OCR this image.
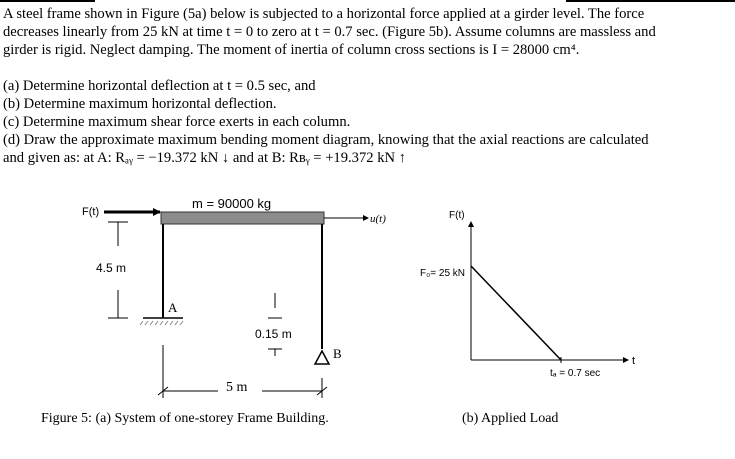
A steel frame shown in Figure (5a) below is subjected to a horizontal force applied at a girder level. The force
decreases linearly from 25 kN at time t = 0 to zero at t = 0.7 sec. (Figure 5b). Assume columns are massless and
girder is rigid. Neglect damping. The moment of inertia of column cross sections is I = 28000 cm⁴.
(a) Determine horizontal deflection at t = 0.5 sec, and
(b) Determine maximum horizontal deflection.
(c) Determine maximum shear force exerts in each column.
(d) Draw the approximate maximum bending moment diagram, knowing that the axial reactions are calculated
and given as: at A: Rₐᵧ = −19.372 kN ↓ and at B: Rʙᵧ = +19.372 kN ↑
F(t)
m = 90000 kg
u(t)
A
B
4.5 m
0.15 m
5 m
Figure 5: (a) System of one-storey Frame Building.
F(t)
t
F₀= 25 kN
tₐ = 0.7 sec
(b) Applied Load
